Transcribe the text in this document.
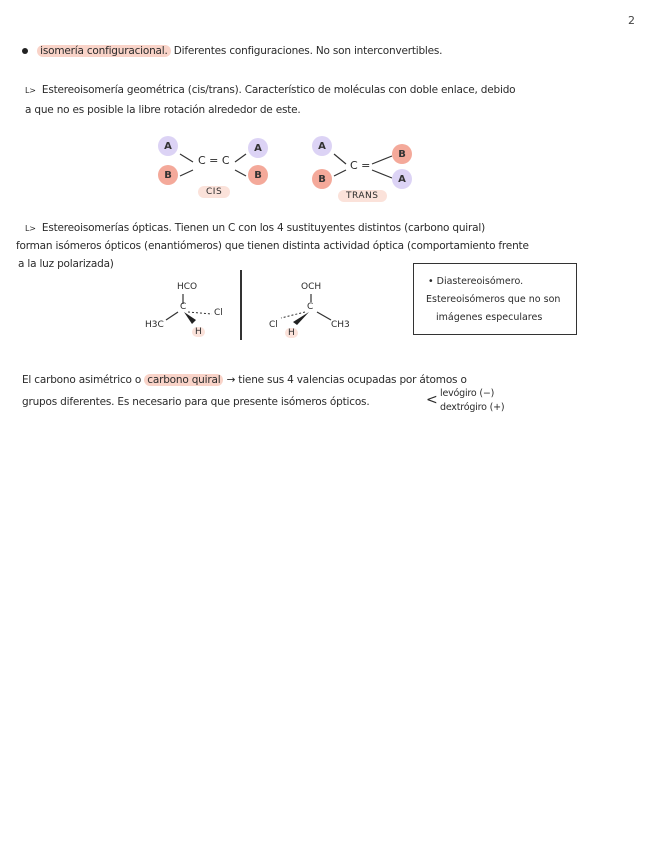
2
isomería configuracional. Diferentes configuraciones. No son interconvertibles.
L> Estereoisomería geométrica (cis/trans). Característico de moléculas con doble enlace, debido
a que no es posible la libre rotación alrededor de este.
A
B
C = C
A
B
CIS
A
B
C =
B
A
TRANS
L> Estereoisomerías ópticas. Tienen un C con los 4 sustituyentes distintos (carbono quiral)
forman isómeros ópticos (enantiómeros) que tienen distinta actividad óptica (comportamiento frente
a la luz polarizada)
HCO
C
H3C
Cl
H
OCH
C
Cl	CH3
H
• Diastereoisómero.
Estereoisómeros que no son
imágenes especulares
El carbono asimétrico o carbono quiral → tiene sus 4 valencias ocupadas por átomos o
grupos diferentes. Es necesario para que presente isómeros ópticos.	< levógiro (−)
dextrógiro (+)
